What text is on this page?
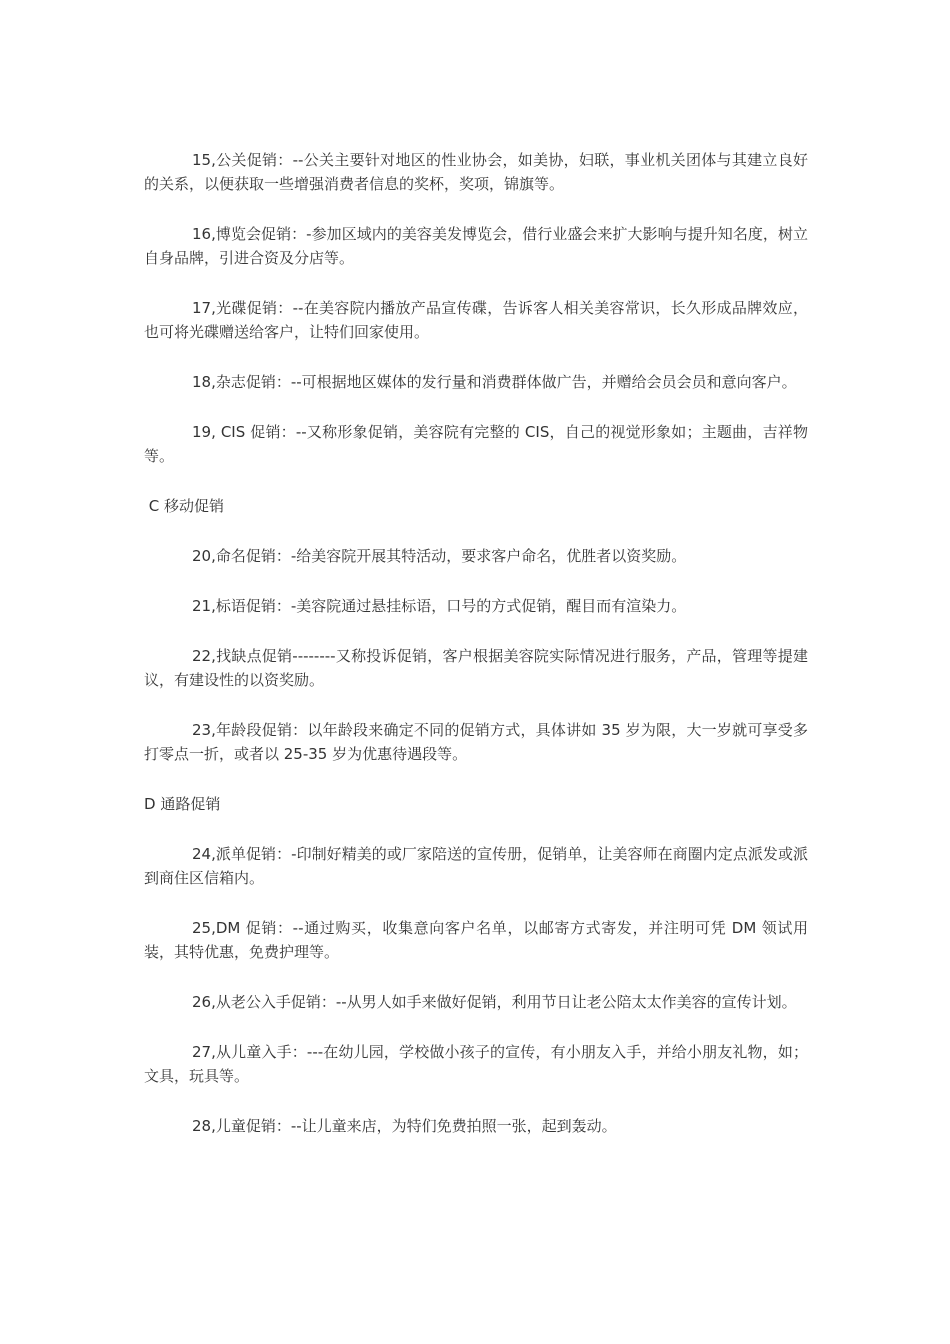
15,公关促销：--公关主要针对地区的性业协会，如美协，妇联，事业机关团体与其建立良好的关系，以便获取一些增强消费者信息的奖杯，奖项，锦旗等。

16,博览会促销：-参加区域内的美容美发博览会，借行业盛会来扩大影响与提升知名度，树立自身品牌，引进合资及分店等。

17,光碟促销：--在美容院内播放产品宣传碟，告诉客人相关美容常识，长久形成品牌效应，也可将光碟赠送给客户，让特们回家使用。

18,杂志促销：--可根据地区媒体的发行量和消费群体做广告，并赠给会员会员和意向客户。

19, CIS 促销：--又称形象促销，美容院有完整的 CIS，自己的视觉形象如；主题曲，吉祥物等。

C 移动促销

20,命名促销：-给美容院开展其特活动，要求客户命名，优胜者以资奖励。

21,标语促销：-美容院通过悬挂标语，口号的方式促销，醒目而有渲染力。

22,找缺点促销--------又称投诉促销，客户根据美容院实际情况进行服务，产品，管理等提建议，有建设性的以资奖励。

23,年龄段促销：以年龄段来确定不同的促销方式，具体讲如 35 岁为限，大一岁就可享受多打零点一折，或者以 25-35 岁为优惠待遇段等。

D 通路促销

24,派单促销：-印制好精美的或厂家陪送的宣传册，促销单，让美容师在商圈内定点派发或派到商住区信箱内。

25,DM 促销：--通过购买，收集意向客户名单，以邮寄方式寄发，并注明可凭 DM 领试用装，其特优惠，免费护理等。

26,从老公入手促销：--从男人如手来做好促销，利用节日让老公陪太太作美容的宣传计划。

27,从儿童入手：---在幼儿园，学校做小孩子的宣传，有小朋友入手，并给小朋友礼物，如；文具，玩具等。

28,儿童促销：--让儿童来店，为特们免费拍照一张，起到轰动。
